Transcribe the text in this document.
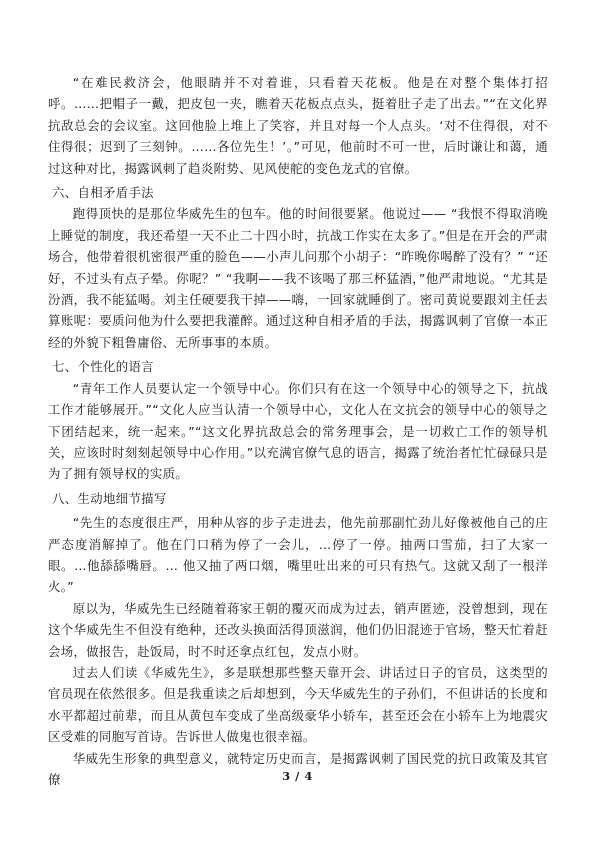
“在难民救济会，他眼睛并不对着谁，只看着天花板。他是在对整个集体打招呼。……把帽子一戴，把皮包一夹，瞧着天花板点点头，挺着肚子走了出去。”“在文化界抗敌总会的会议室。这回他脸上堆上了笑容，并且对每一个人点头。‘对不住得很，对不住得很；迟到了三刻钟。……各位先生！’。”可见，他前时不可一世，后时谦让和蔼，通过这种对比，揭露讽刺了趋炎附势、见风使舵的变色龙式的官僚。

六、自相矛盾手法

跑得顶快的是那位华威先生的包车。他的时间很要紧。他说过—— “我恨不得取消晚上睡觉的制度，我还希望一天不止二十四小时，抗战工作实在太多了。”但是在开会的严肃场合，他带着很机密很严重的脸色——小声儿问那个小胡子：“昨晚你喝醉了没有？” “还好，不过头有点子晕。你呢？” “我啊——我不该喝了那三杯猛酒，”他严肃地说。“尤其是汾酒，我不能猛喝。刘主任硬要我干掉——嗨，一回家就睡倒了。密司黄说要跟刘主任去算账呢：要质问他为什么要把我灌醉。通过这种自相矛盾的手法，揭露讽刺了官僚一本正经的外貌下粗鲁庸俗、无所事事的本质。

七、个性化的语言

“青年工作人员要认定一个领导中心。你们只有在这一个领导中心的领导之下，抗战工作才能够展开。”“文化人应当认清一个领导中心，文化人在文抗会的领导中心的领导之下团结起来，统一起来。”“这文化界抗敌总会的常务理事会，是一切救亡工作的领导机关，应该时时刻刻起领导中心作用。”以充满官僚气息的语言，揭露了统治者忙忙碌碌只是为了拥有领导权的实质。

八、生动地细节描写

“先生的态度很庄严，用种从容的步子走进去，他先前那副忙劲儿好像被他自己的庄严态度消解掉了。他在门口稍为停了一会儿，…停了一停。抽两口雪茄，扫了大家一眼。…他舔舔嘴唇。… 他又抽了两口烟，嘴里吐出来的可只有热气。这就又刮了一根洋火。”

原以为，华威先生已经随着蒋家王朝的覆灭而成为过去，销声匿迹，没曾想到，现在这个华威先生不但没有绝种，还改头换面活得顶滋润，他们仍旧混迹于官场，整天忙着赶会场，做报告，赴饭局，时不时还拿点红包，发点小财。

过去人们读《华威先生》，多是联想那些整天靠开会、讲话过日子的官员，这类型的官员现在依然很多。但是我重读之后却想到，今天华威先生的子孙们，不但讲话的长度和水平都超过前辈，而且从黄包车变成了坐高级豪华小轿车，甚至还会在小轿车上为地震灾区受难的同胞写首诗。告诉世人做鬼也很幸福。

华威先生形象的典型意义，就特定历史而言，是揭露讽刺了国民党的抗日政策及其官僚	3 / 4
